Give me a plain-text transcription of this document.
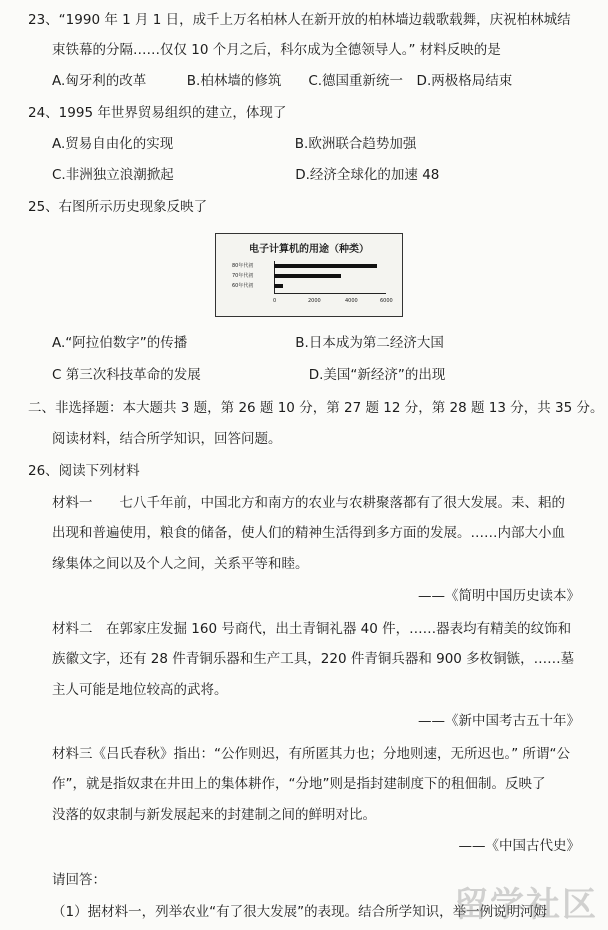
23、“1990 年 1 月 1 日，成千上万名柏林人在新开放的柏林墙边载歌载舞，庆祝柏林城结
束铁幕的分隔……仅仅 10 个月之后，科尔成为全德领导人。” 材料反映的是
A.匈牙利的改革　　　B.柏林墙的修筑　　C.德国重新统一　D.两极格局结束
24、1995 年世界贸易组织的建立，体现了
A.贸易自由化的实现　　　　　　　　　B.欧洲联合趋势加强
C.非洲独立浪潮掀起　　　　　　　　　D.经济全球化的加速 48
25、右图所示历史现象反映了
电子计算机的用途（种类）
80年代初
70年代初
60年代初
0	2000	4000	6000
A.“阿拉伯数字”的传播　　　　　　　　B.日本成为第二经济大国
C 第三次科技革命的发展　　　　　　　　D.美国“新经济”的出现
二、非选择题：本大题共 3 题，第 26 题 10 分，第 27 题 12 分，第 28 题 13 分，共 35 分。
阅读材料，结合所学知识，回答问题。
26、阅读下列材料
材料一　　七八千年前，中国北方和南方的农业与农耕聚落都有了很大发展。耒、耜的
出现和普遍使用，粮食的储备，使人们的精神生活得到多方面的发展。……内部大小血
缘集体之间以及个人之间，关系平等和睦。
——《简明中国历史读本》
材料二　在郭家庄发掘 160 号商代，出土青铜礼器 40 件，……器表均有精美的纹饰和
族徽文字，还有 28 件青铜乐器和生产工具，220 件青铜兵器和 900 多枚铜镞，……墓
主人可能是地位较高的武将。
——《新中国考古五十年》
材料三《吕氏春秋》指出：“公作则迟，有所匿其力也；分地则速，无所迟也。” 所谓“公
作”，就是指奴隶在井田上的集体耕作，“分地”则是指封建制度下的租佃制。反映了
没落的奴隶制与新发展起来的封建制之间的鲜明对比。
——《中国古代史》
请回答：
（1）据材料一，列举农业“有了很大发展”的表现。结合所学知识，举一例说明河姆
留学社区
